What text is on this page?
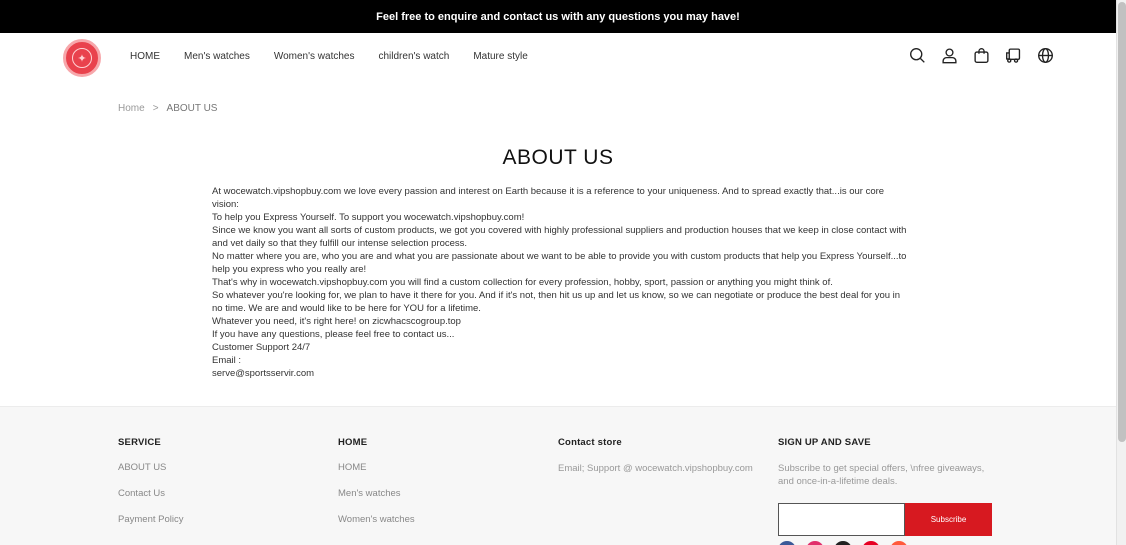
Feel free to enquire and contact us with any questions you may have!
✦	HOME Men's watches Women's watches children's watch Mature style
Home > ABOUT US
ABOUT US

At wocewatch.vipshopbuy.com we love every passion and interest on Earth because it is a reference to your uniqueness. And to spread exactly that...is our core vision:

To help you Express Yourself. To support you wocewatch.vipshopbuy.com!

Since we know you want all sorts of custom products, we got you covered with highly professional suppliers and production houses that we keep in close contact with and vet daily so that they fulfill our intense selection process.

No matter where you are, who you are and what you are passionate about we want to be able to provide you with custom products that help you Express Yourself...to help you express who you really are!

That's why in wocewatch.vipshopbuy.com you will find a custom collection for every profession, hobby, sport, passion or anything you might think of.

So whatever you're looking for, we plan to have it there for you. And if it's not, then hit us up and let us know, so we can negotiate or produce the best deal for you in no time. We are and would like to be here for YOU for a lifetime.

Whatever you need, it's right here! on zicwhacscogroup.top

If you have any questions, please feel free to contact us...

Customer Support 24/7

Email :

serve@sportsservir.com

SERVICE
ABOUT US
Contact Us
Payment Policy
HOME
HOME
Men's watches
Women's watches
Contact store
Email; Support @ wocewatch.vipshopbuy.com
SIGN UP AND SAVE
Subscribe to get special offers, \nfree giveaways, and once-in-a-lifetime deals.
Subscribe
